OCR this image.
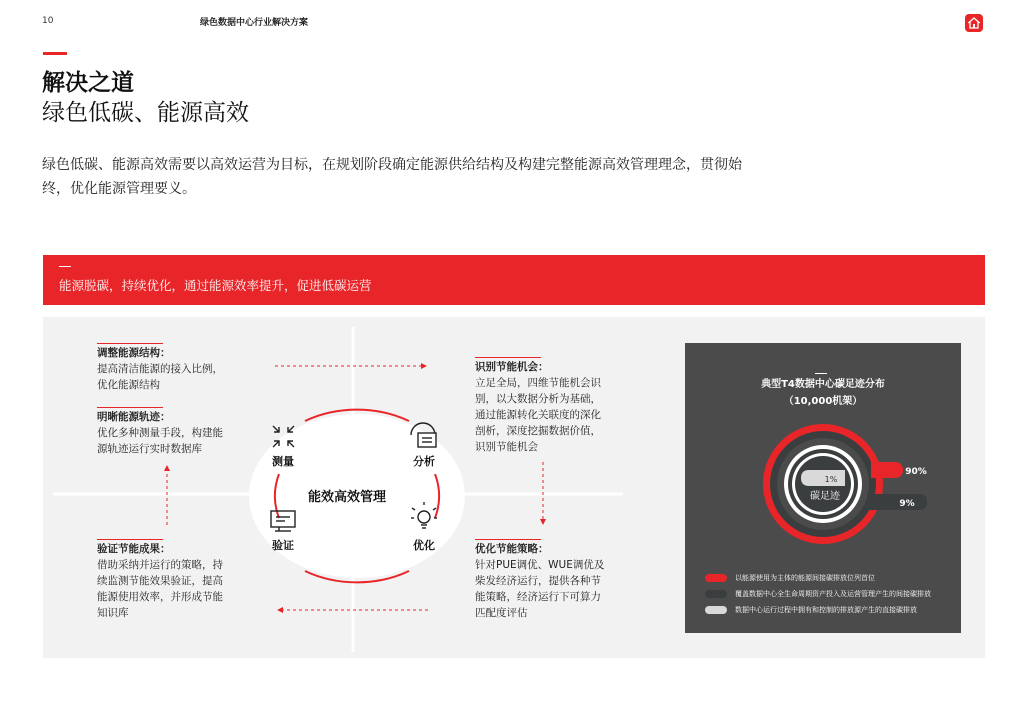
10	绿色数据中心行业解决方案
解决之道
绿色低碳、能源高效
绿色低碳、能源高效需要以高效运营为目标，在规划阶段确定能源供给结构及构建完整能源高效管理理念，贯彻始终，优化能源管理要义。
能源脱碳，持续优化，通过能源效率提升，促进低碳运营
测量	分析
优化
验证
能效高效管理
调整能源结构：
提高清洁能源的接入比例，
优化能源结构
明晰能源轨迹：
优化多种测量手段，构建能
源轨迹运行实时数据库
识别节能机会：
立足全局，四维节能机会识
别，以大数据分析为基础，
通过能源转化关联度的深化
剖析，深度挖掘数据价值，
识别节能机会
验证节能成果：
借助采纳并运行的策略，持
续监测节能效果验证，提高
能源使用效率，并形成节能
知识库
优化节能策略：
针对PUE调优、WUE调优及
柴发经济运行，提供各种节
能策略，经济运行下可算力
匹配度评估
典型T4数据中心碳足迹分布
（10,000机架）
90%
9%
1%
碳足迹
以能源使用为主体的能源间接碳排放位列首位
覆盖数据中心全生命周期资产投入及运营管理产生的间接碳排放
数据中心运行过程中拥有和控制的排放源产生的直接碳排放
